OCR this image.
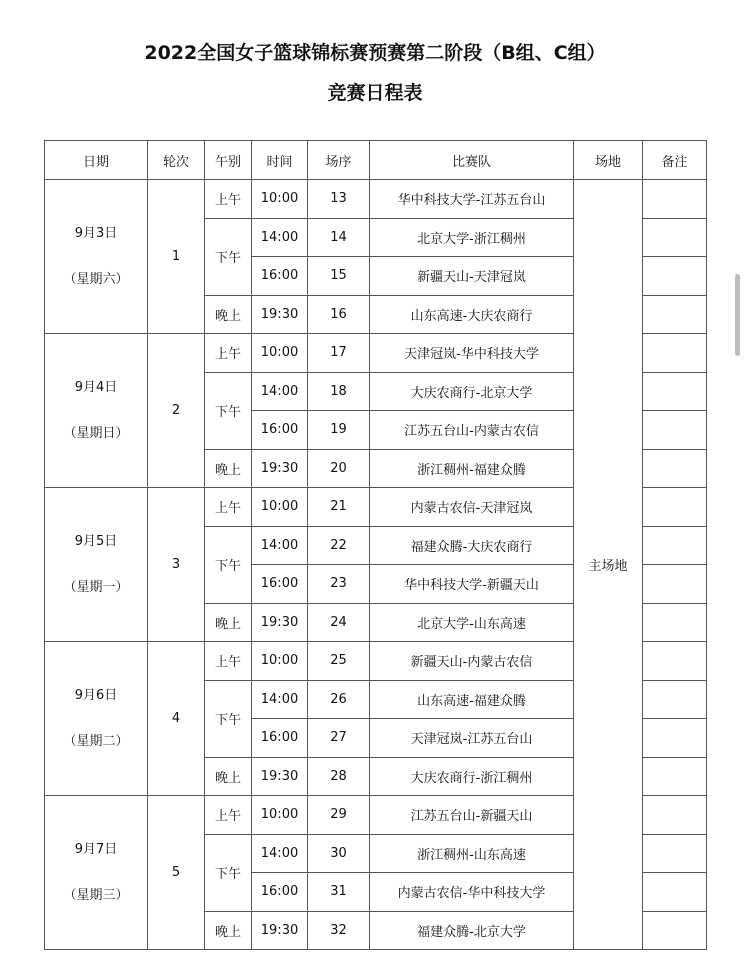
2022全国女子篮球锦标赛预赛第二阶段（B组、C组）
竞赛日程表
日期	轮次	午别	时间	场序	比赛队	场地	备注

9月3日
（星期六）	1	上午	10:00	13	华中科技大学-江苏五台山	主场地	
		下午	14:00	14	北京大学-浙江稠州		
			16:00	15	新疆天山-天津冠岚		
		晚上	19:30	16	山东高速-大庆农商行		

9月4日
（星期日）	2	上午	10:00	17	天津冠岚-华中科技大学		
		下午	14:00	18	大庆农商行-北京大学		
			16:00	19	江苏五台山-内蒙古农信		
		晚上	19:30	20	浙江稠州-福建众腾		

9月5日
（星期一）	3	上午	10:00	21	内蒙古农信-天津冠岚		
		下午	14:00	22	福建众腾-大庆农商行		
			16:00	23	华中科技大学-新疆天山		
		晚上	19:30	24	北京大学-山东高速		

9月6日
（星期二）	4	上午	10:00	25	新疆天山-内蒙古农信		
		下午	14:00	26	山东高速-福建众腾		
			16:00	27	天津冠岚-江苏五台山		
		晚上	19:30	28	大庆农商行-浙江稠州		

9月7日
（星期三）	5	上午	10:00	29	江苏五台山-新疆天山		
		下午	14:00	30	浙江稠州-山东高速		
			16:00	31	内蒙古农信-华中科技大学		
		晚上	19:30	32	福建众腾-北京大学		
